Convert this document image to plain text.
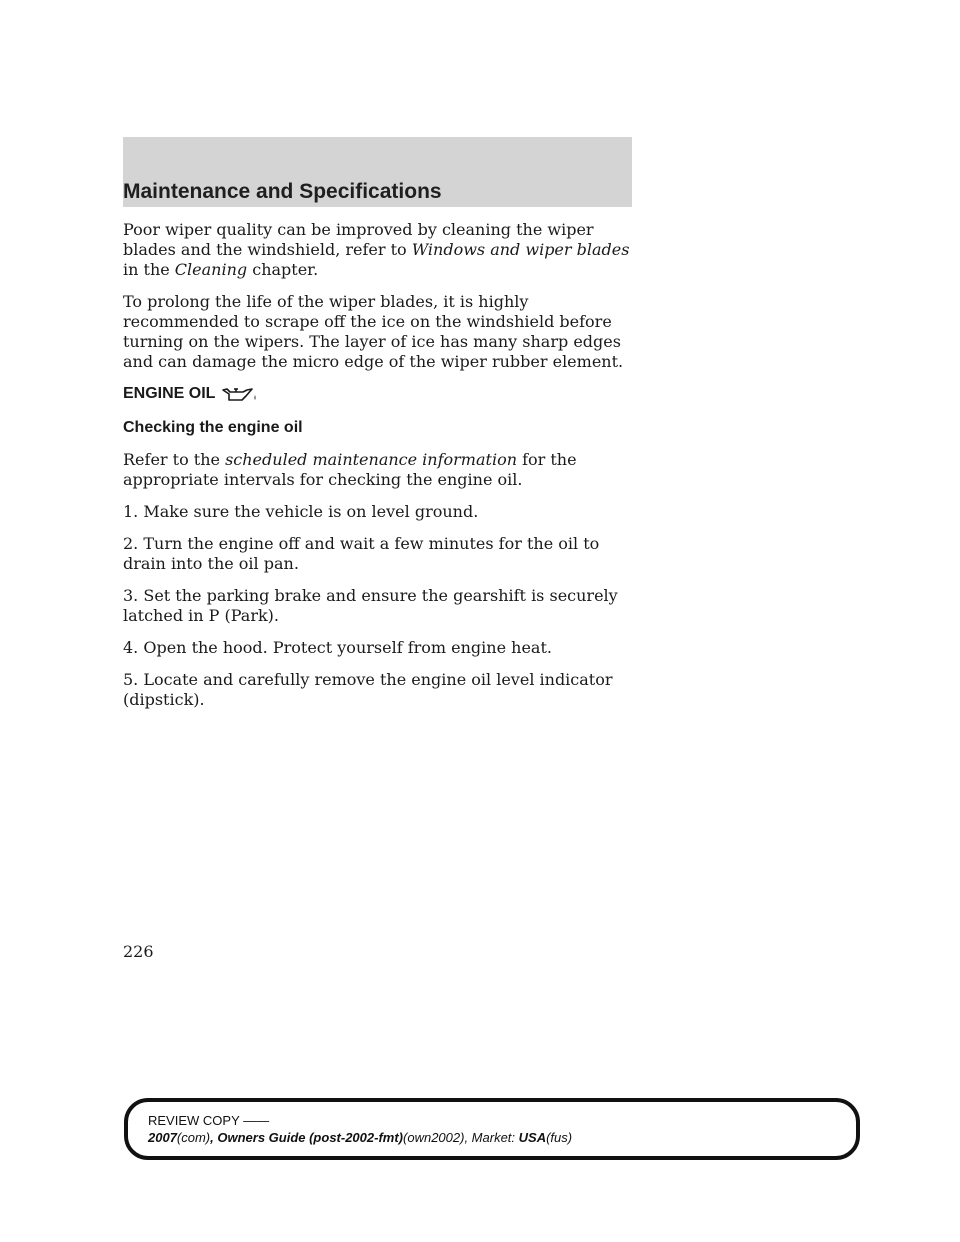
Maintenance and Specifications

Poor wiper quality can be improved by cleaning the wiper blades and the windshield, refer to Windows and wiper blades in the Cleaning chapter.

To prolong the life of the wiper blades, it is highly recommended to scrape off the ice on the windshield before turning on the wipers. The layer of ice has many sharp edges and can damage the micro edge of the wiper rubber element.

ENGINE OIL
Checking the engine oil

Refer to the scheduled maintenance information for the appropriate intervals for checking the engine oil.

1. Make sure the vehicle is on level ground.

2. Turn the engine off and wait a few minutes for the oil to drain into the oil pan.

3. Set the parking brake and ensure the gearshift is securely latched in P (Park).

4. Open the hood. Protect yourself from engine heat.

5. Locate and carefully remove the engine oil level indicator (dipstick).

226
REVIEW COPY ——
2007(com), Owners Guide (post-2002-fmt)(own2002), Market: USA(fus)
